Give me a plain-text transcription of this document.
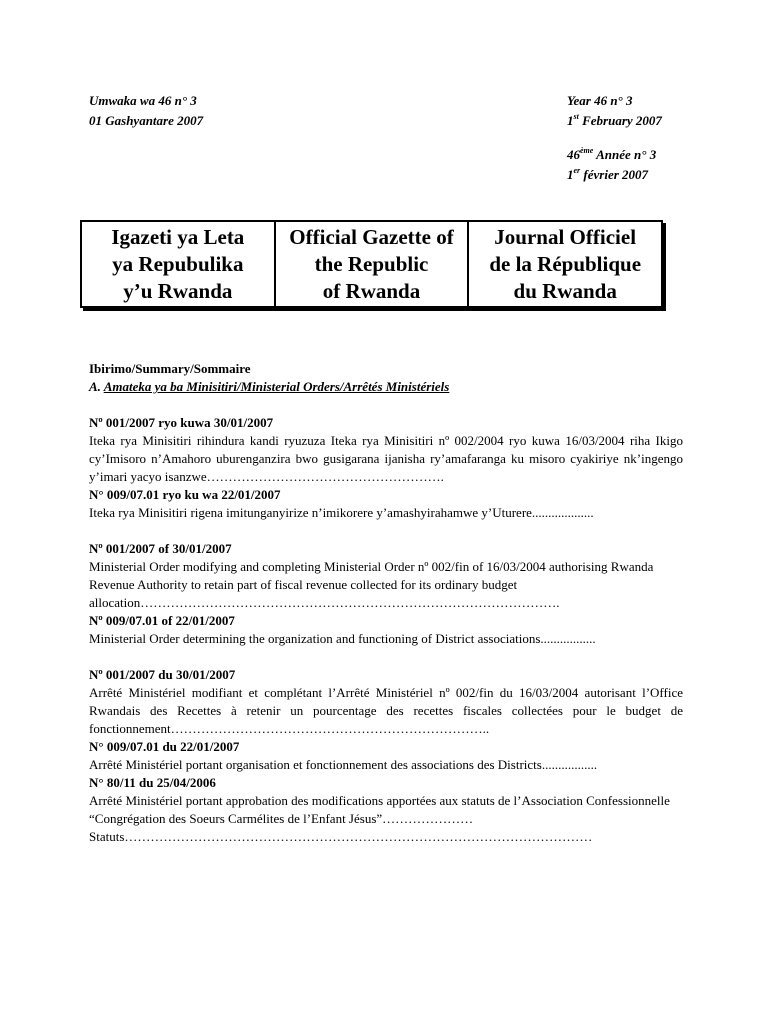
Umwaka wa 46 n° 3
01 Gashyantare 2007
Year 46 n° 3
1st February 2007
46ème Année n° 3
1er février 2007
Igazeti ya Leta
ya Repubulika
y’u Rwanda
Official Gazette of
the Republic
of Rwanda
Journal Officiel
de la République
du Rwanda

Ibirimo/Summary/Sommaire

A. Amateka ya ba Minisitiri/Ministerial Orders/Arrêtés Ministériels

Nº 001/2007 ryo kuwa 30/01/2007

Iteka rya Minisitiri rihindura kandi ryuzuza Iteka rya Minisitiri nº 002/2004 ryo kuwa 16/03/2004 riha Ikigo cy’Imisoro n’Amahoro uburenganzira bwo gusigarana ijanisha ry’amafaranga ku misoro cyakiriye nk’ingengo y’imari yacyo isanzwe……………………………………………….

N° 009/07.01 ryo ku wa 22/01/2007

Iteka rya Minisitiri rigena imitunganyirize n’imikorere y’amashyirahamwe y’Uturere...................

Nº 001/2007 of 30/01/2007

Ministerial Order modifying and completing Ministerial Order nº 002/fin of 16/03/2004 authorising Rwanda Revenue Authority to retain part of fiscal revenue collected for its ordinary budget allocation…………………………………………………………………………………….

Nº 009/07.01 of 22/01/2007

Ministerial Order determining the organization and functioning of District associations.................

Nº 001/2007 du 30/01/2007

Arrêté Ministériel modifiant et complétant l’Arrêté Ministériel nº 002/fin du 16/03/2004 autorisant l’Office Rwandais des Recettes à retenir un pourcentage des recettes fiscales collectées pour le budget de fonctionnement………………………………………………………………..

N° 009/07.01 du 22/01/2007

Arrêté Ministériel portant organisation et fonctionnement des associations des Districts.................

N° 80/11 du 25/04/2006

Arrêté Ministériel portant approbation des modifications apportées aux statuts de l’Association Confessionnelle “Congrégation des Soeurs Carmélites de l’Enfant Jésus”…………………

Statuts………………………………………………………………………………………………
